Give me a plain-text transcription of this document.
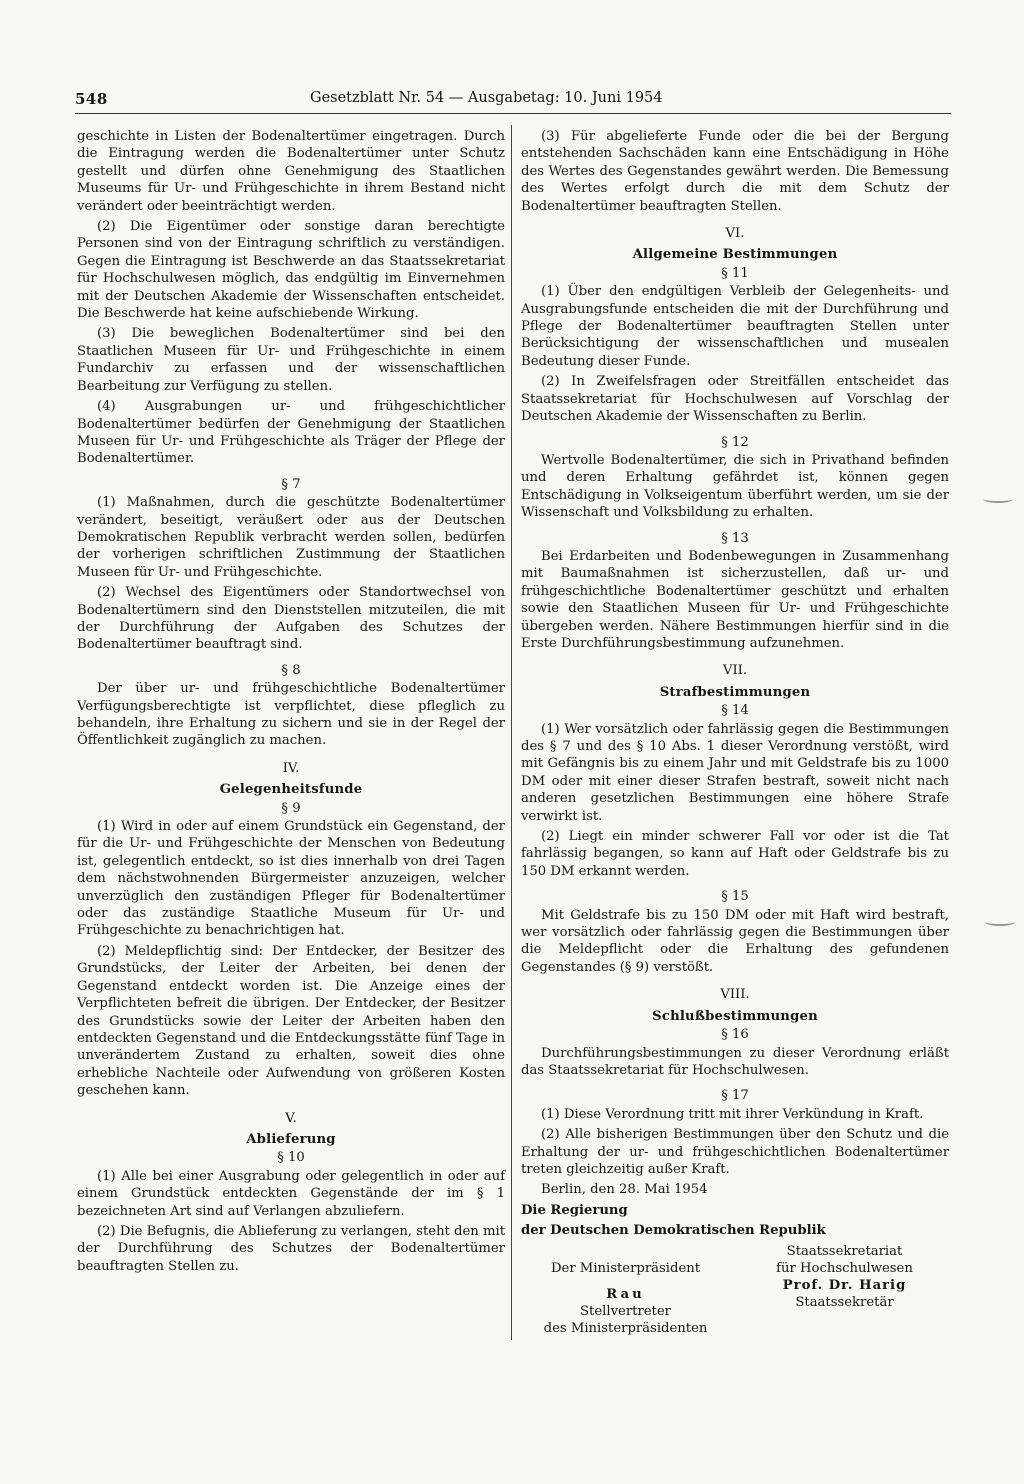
548	Gesetzblatt Nr. 54 — Ausgabetag: 10. Juni 1954

geschichte in Listen der Bodenaltertümer eingetragen. Durch die Eintragung werden die Bodenaltertümer unter Schutz gestellt und dürfen ohne Genehmigung des Staatlichen Museums für Ur- und Frühgeschichte in ihrem Bestand nicht verändert oder beeinträchtigt werden.

(2) Die Eigentümer oder sonstige daran berechtigte Personen sind von der Eintragung schriftlich zu verständigen. Gegen die Eintragung ist Beschwerde an das Staatssekretariat für Hochschulwesen möglich, das endgültig im Einvernehmen mit der Deutschen Akademie der Wissenschaften entscheidet. Die Beschwerde hat keine aufschiebende Wirkung.

(3) Die beweglichen Bodenaltertümer sind bei den Staatlichen Museen für Ur- und Frühgeschichte in einem Fundarchiv zu erfassen und der wissenschaftlichen Bearbeitung zur Verfügung zu stellen.

(4) Ausgrabungen ur- und frühgeschichtlicher Bodenaltertümer bedürfen der Genehmigung der Staatlichen Museen für Ur- und Frühgeschichte als Träger der Pflege der Bodenaltertümer.

§ 7

(1) Maßnahmen, durch die geschützte Bodenaltertümer verändert, beseitigt, veräußert oder aus der Deutschen Demokratischen Republik verbracht werden sollen, bedürfen der vorherigen schriftlichen Zustimmung der Staatlichen Museen für Ur- und Frühgeschichte.

(2) Wechsel des Eigentümers oder Standortwechsel von Bodenaltertümern sind den Dienststellen mitzuteilen, die mit der Durchführung der Aufgaben des Schutzes der Bodenaltertümer beauftragt sind.

§ 8

Der über ur- und frühgeschichtliche Bodenaltertümer Verfügungsberechtigte ist verpflichtet, diese pfleglich zu behandeln, ihre Erhaltung zu sichern und sie in der Regel der Öffentlichkeit zugänglich zu machen.

IV.
Gelegenheitsfunde
§ 9

(1) Wird in oder auf einem Grundstück ein Gegenstand, der für die Ur- und Frühgeschichte der Menschen von Bedeutung ist, gelegentlich entdeckt, so ist dies innerhalb von drei Tagen dem nächstwohnenden Bürgermeister anzuzeigen, welcher unverzüglich den zuständigen Pfleger für Bodenaltertümer oder das zuständige Staatliche Museum für Ur- und Frühgeschichte zu benachrichtigen hat.

(2) Meldepflichtig sind: Der Entdecker, der Besitzer des Grundstücks, der Leiter der Arbeiten, bei denen der Gegenstand entdeckt worden ist. Die Anzeige eines der Verpflichteten befreit die übrigen. Der Entdecker, der Besitzer des Grundstücks sowie der Leiter der Arbeiten haben den entdeckten Gegenstand und die Entdeckungsstätte fünf Tage in unverändertem Zustand zu erhalten, soweit dies ohne erhebliche Nachteile oder Aufwendung von größeren Kosten geschehen kann.

V.
Ablieferung
§ 10

(1) Alle bei einer Ausgrabung oder gelegentlich in oder auf einem Grundstück entdeckten Gegenstände der im § 1 bezeichneten Art sind auf Verlangen abzuliefern.

(2) Die Befugnis, die Ablieferung zu verlangen, steht den mit der Durchführung des Schutzes der Bodenaltertümer beauftragten Stellen zu.

(3) Für abgelieferte Funde oder die bei der Bergung entstehenden Sachschäden kann eine Entschädigung in Höhe des Wertes des Gegenstandes gewährt werden. Die Bemessung des Wertes erfolgt durch die mit dem Schutz der Bodenaltertümer beauftragten Stellen.

VI.
Allgemeine Bestimmungen
§ 11

(1) Über den endgültigen Verbleib der Gelegenheits- und Ausgrabungsfunde entscheiden die mit der Durchführung und Pflege der Bodenaltertümer beauftragten Stellen unter Berücksichtigung der wissenschaftlichen und musealen Bedeutung dieser Funde.

(2) In Zweifelsfragen oder Streitfällen entscheidet das Staatssekretariat für Hochschulwesen auf Vorschlag der Deutschen Akademie der Wissenschaften zu Berlin.

§ 12

Wertvolle Bodenaltertümer, die sich in Privathand befinden und deren Erhaltung gefährdet ist, können gegen Entschädigung in Volkseigentum überführt werden, um sie der Wissenschaft und Volksbildung zu erhalten.

§ 13

Bei Erdarbeiten und Bodenbewegungen in Zusammenhang mit Baumaßnahmen ist sicherzustellen, daß ur- und frühgeschichtliche Bodenaltertümer geschützt und erhalten sowie den Staatlichen Museen für Ur- und Frühgeschichte übergeben werden. Nähere Bestimmungen hierfür sind in die Erste Durchführungsbestimmung aufzunehmen.

VII.
Strafbestimmungen
§ 14

(1) Wer vorsätzlich oder fahrlässig gegen die Bestimmungen des § 7 und des § 10 Abs. 1 dieser Verordnung verstößt, wird mit Gefängnis bis zu einem Jahr und mit Geldstrafe bis zu 1000 DM oder mit einer dieser Strafen bestraft, soweit nicht nach anderen gesetzlichen Bestimmungen eine höhere Strafe verwirkt ist.

(2) Liegt ein minder schwerer Fall vor oder ist die Tat fahrlässig begangen, so kann auf Haft oder Geldstrafe bis zu 150 DM erkannt werden.

§ 15

Mit Geldstrafe bis zu 150 DM oder mit Haft wird bestraft, wer vorsätzlich oder fahrlässig gegen die Bestimmungen über die Meldepflicht oder die Erhaltung des gefundenen Gegenstandes (§ 9) verstößt.

VIII.
Schlußbestimmungen
§ 16

Durchführungsbestimmungen zu dieser Verordnung erläßt das Staatssekretariat für Hochschulwesen.

§ 17

(1) Diese Verordnung tritt mit ihrer Verkündung in Kraft.

(2) Alle bisherigen Bestimmungen über den Schutz und die Erhaltung der ur- und frühgeschichtlichen Bodenaltertümer treten gleichzeitig außer Kraft.

Berlin, den 28. Mai 1954

Die Regierung

der Deutschen Demokratischen Republik

Der Ministerpräsident
Rau
Stellvertreter
des Ministerpräsidenten
Staatssekretariat
für Hochschulwesen
Prof. Dr. Harig
Staatssekretär
